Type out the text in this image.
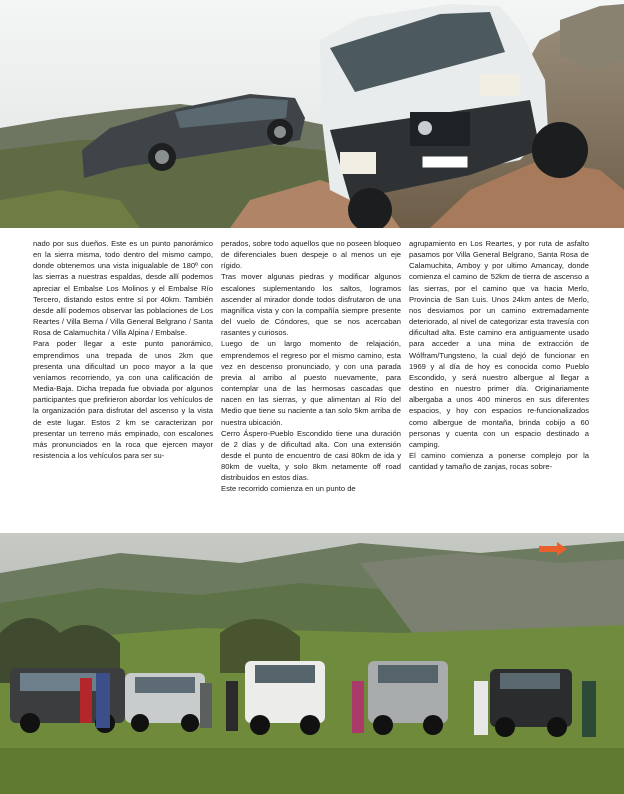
nado por sus dueños. Este es un punto panorámico en la sierra misma, todo dentro del mismo campo, donde obtenemos una vista inigualable de 180º con las sierras a nuestras espaldas, desde allí podemos apreciar el Embalse Los Molinos y el Embalse Río Tercero, distando estos entre sí por 40km. También desde allí podemos observar las poblaciones de Los Reartes / Villa Berna / Villa General Belgrano / Santa Rosa de Calamuchita / Villa Alpina / Embalse.

Para poder llegar a este punto panorámico, emprendimos una trepada de unos 2km que presenta una dificultad un poco mayor a la que veníamos recorriendo, ya con una calificación de Media-Baja. Dicha trepada fue obviada por algunos participantes que prefirieron abordar los vehículos de la organización para disfrutar del ascenso y la vista de este lugar. Estos 2 km se caracterizan por presentar un terreno más empinado, con escalones más pronunciados en la roca que ejercen mayor resistencia a los vehículos para ser su-

perados, sobre todo aquellos que no poseen bloqueo de diferenciales buen despeje o al menos un eje rígido.

Tras mover algunas piedras y modificar algunos escalones suplementando los saltos, logramos ascender al mirador donde todos disfrutaron de una magnífica vista y con la compañía siempre presente del vuelo de Cóndores, que se nos acercaban rasantes y curiosos.

Luego de un largo momento de relajación, emprendemos el regreso por el mismo camino, esta vez en descenso pronunciado, y con una parada previa al arribo al puesto nuevamente, para contemplar una de las hermosas cascadas que nacen en las sierras, y que alimentan al Río del Medio que tiene su naciente a tan solo 5km arriba de nuestra ubicación.

Cerro Áspero-Pueblo Escondido tiene una duración de 2 días y de dificultad alta. Con una extensión desde el punto de encuentro de casi 80km de ida y 80km de vuelta, y solo 8km netamente off road distribuidos en estos días.

Este recorrido comienza en un punto de

agrupamiento en Los Reartes, y por ruta de asfalto pasamos por Villa General Belgrano, Santa Rosa de Calamuchita, Amboy y por ultimo Amancay, donde comienza el camino de 52km de tierra de ascenso a las sierras, por el camino que va hacia Merlo, Provincia de San Luis. Unos 24km antes de Merlo, nos desviamos por un camino extremadamente deteriorado, al nivel de categorizar esta travesía con dificultad alta. Este camino era antiguamente usado para acceder a una mina de extracción de Wólfram/Tungsteno, la cual dejó de funcionar en 1969 y al día de hoy es conocida como Pueblo Escondido, y será nuestro albergue al llegar a destino en nuestro primer día. Originariamente albergaba a unos 400 mineros en sus diferentes espacios, y hoy con espacios re-funcionalizados como albergue de montaña, brinda cobijo a 60 personas y cuenta con un espacio destinado a camping.

El camino comienza a ponerse complejo por la cantidad y tamaño de zanjas, rocas sobre-
